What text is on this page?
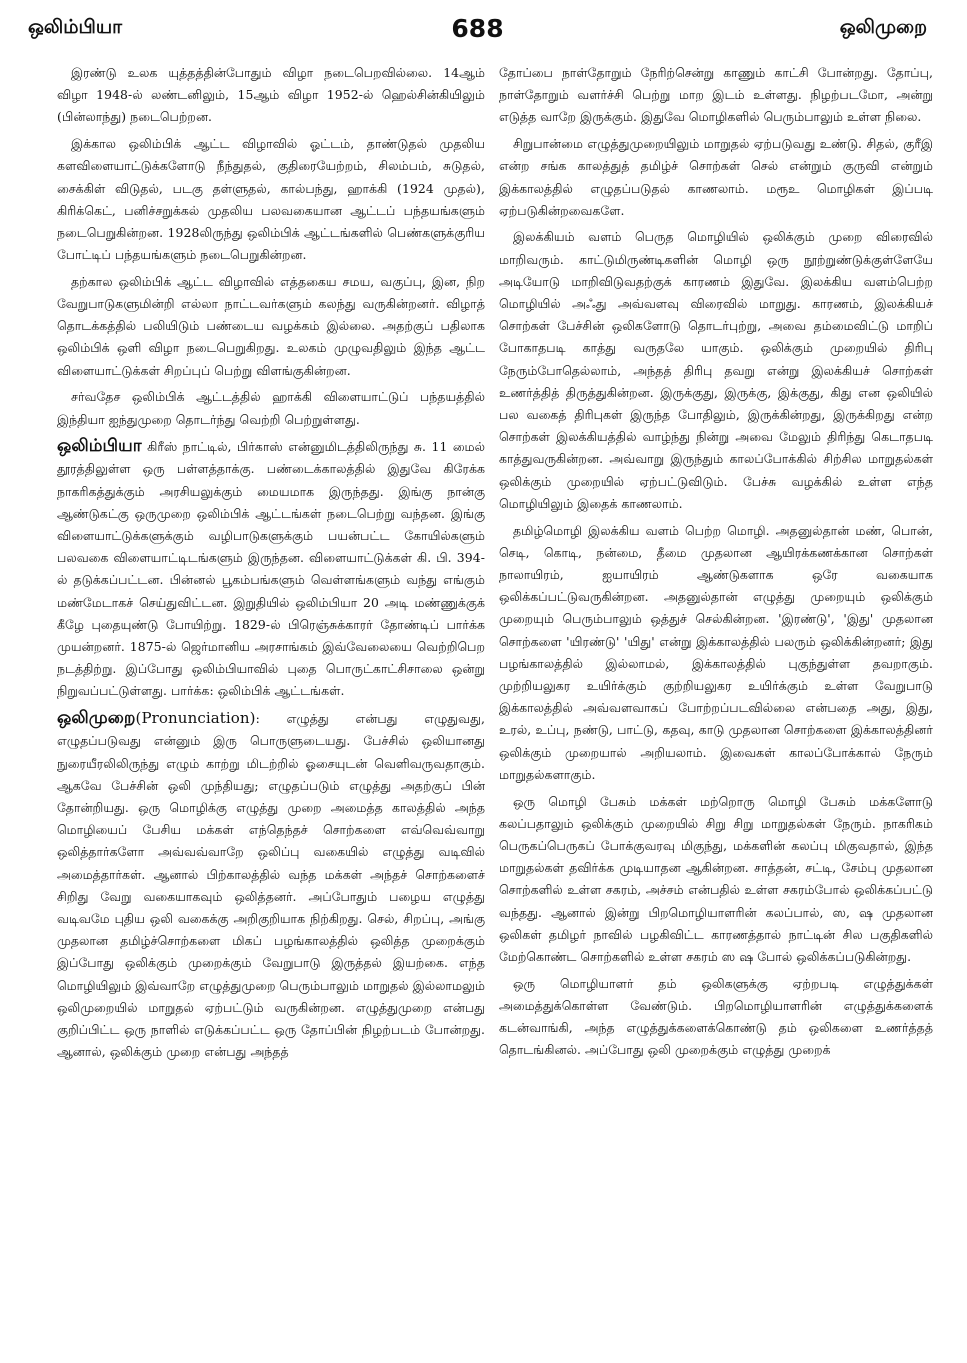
ஒலிம்பியா	688	ஒலிமுறை

இரண்டு உலக யுத்தத்தின்போதும் விழா நடைபெறவில்லை. 14ஆம் விழா 1948-ல் லண்டனிலும், 15ஆம் விழா 1952-ல் ஹெல்சின்கியிலும் (பின்லாந்து) நடைபெற்றன.

இக்கால ஒலிம்பிக் ஆட்ட விழாவில் ஓட்டம், தாண்டுதல் முதலிய களவிளையாட்டுக்களோடு நீந்துதல், குதிரையேற்றம், சிலம்பம், சுடுதல், சைக்கிள் விடுதல், படகு தள்ளுதல், கால்பந்து, ஹாக்கி (1924 முதல்), கிரிக்கெட், பனிச்சறுக்கல் முதலிய பலவகையான ஆட்டப் பந்தயங்களும் நடைபெறுகின்றன. 1928லிருந்து ஒலிம்பிக் ஆட்டங்களில் பெண்களுக்குரிய போட்டிப் பந்தயங்களும் நடைபெறுகின்றன.

தற்கால ஒலிம்பிக் ஆட்ட விழாவில் எத்தகைய சமய, வகுப்பு, இன, நிற வேறுபாடுகளுமின்றி எல்லா நாட்டவர்களும் கலந்து வருகின்றனர். விழாத் தொடக்கத்தில் பலியிடும் பண்டைய வழக்கம் இல்லை. அதற்குப் பதிலாக ஒலிம்பிக் ஒளி விழா நடைபெறுகிறது. உலகம் முழுவதிலும் இந்த ஆட்ட விளையாட்டுக்கள் சிறப்புப் பெற்று விளங்குகின்றன.

சர்வதேச ஒலிம்பிக் ஆட்டத்தில் ஹாக்கி விளையாட்டுப் பந்தயத்தில் இந்தியா ஐந்துமுறை தொடர்ந்து வெற்றி பெற்றுள்ளது.

ஒலிம்பியா கிரீஸ் நாட்டில், பிர்காஸ் என்னுமிடத்திலிருந்து சு. 11 மைல் தூரத்திலுள்ள ஒரு பள்ளத்தாக்கு. பண்டைக்காலத்தில் இதுவே கிரேக்க நாகரிகத்துக்கும் அரசியலுக்கும் மையமாக இருந்தது. இங்கு நான்கு ஆண்டுகட்கு ஒருமுறை ஒலிம்பிக் ஆட்டங்கள் நடைபெற்று வந்தன. இங்கு விளையாட்டுக்களுக்கும் வழிபாடுகளுக்கும் பயன்பட்ட கோயில்களும் பலவகை விளையாட்டிடங்களும் இருந்தன. விளையாட்டுக்கள் கி. பி. 394-ல் தடுக்கப்பட்டன. பின்னல் பூகம்பங்களும் வெள்ளங்களும் வந்து எங்கும் மண்மேடாகச் செய்துவிட்டன. இறுதியில் ஒலிம்பியா 20 அடி மண்ணுக்குக் கீழே புதையுண்டு போயிற்று. 1829-ல் பிரெஞ்சுக்காரர் தோண்டிப் பார்க்க முயன்றனர். 1875-ல் ஜெர்மானிய அரசாங்கம் இவ்வேலையை வெற்றிபெற நடத்திற்று. இப்போது ஒலிம்பியாவில் புதை பொருட்காட்சிசாலை ஒன்று நிறுவப்பட்டுள்ளது. பார்க்க: ஒலிம்பிக் ஆட்டங்கள்.

ஒலிமுறை(Pronunciation): எழுத்து என்பது எழுதுவது, எழுதப்படுவது என்னும் இரு பொருளுடையது. பேச்சில் ஒலியானது நுரையீரலிலிருந்து எழும் காற்று மிடற்றில் ஓசையுடன் வெளிவருவதாகும். ஆகவே பேச்சின் ஒலி முந்தியது; எழுதப்படும் எழுத்து அதற்குப் பின் தோன்றியது. ஒரு மொழிக்கு எழுத்து முறை அமைத்த காலத்தில் அந்த மொழியைப் பேசிய மக்கள் எந்தெந்தச் சொற்களை எவ்வெவ்வாறு ஒலித்தார்களோ அவ்வவ்வாறே ஒலிப்பு வகையில் எழுத்து வடிவில் அமைத்தார்கள். ஆனால் பிற்காலத்தில் வந்த மக்கள் அந்தச் சொற்களைச் சிறிது வேறு வகையாகவும் ஒலித்தனர். அப்போதும் பழைய எழுத்து வடிவமே புதிய ஒலி வகைக்கு அறிகுறியாக நிற்கிறது. செல், சிறப்பு, அங்கு முதலான தமிழ்ச்சொற்களை மிகப் பழங்காலத்தில் ஒலித்த முறைக்கும் இப்போது ஒலிக்கும் முறைக்கும் வேறுபாடு இருத்தல் இயற்கை. எந்த மொழியிலும் இவ்வாறே எழுத்துமுறை பெரும்பாலும் மாறுதல் இல்லாமலும் ஒலிமுறையில் மாறுதல் ஏற்பட்டும் வருகின்றன. எழுத்துமுறை என்பது குறிப்பிட்ட ஒரு நாளில் எடுக்கப்பட்ட ஒரு தோப்பின் நிழற்படம் போன்றது. ஆனால், ஒலிக்கும் முறை என்பது அந்தத்

தோப்பை நாள்தோறும் நேரிற்சென்று காணும் காட்சி போன்றது. தோப்பு, நாள்தோறும் வளர்ச்சி பெற்று மாற இடம் உள்ளது. நிழற்படமோ, அன்று எடுத்த வாறே இருக்கும். இதுவே மொழிகளில் பெரும்பாலும் உள்ள நிலை.

சிறுபான்மை எழுத்துமுறையிலும் மாறுதல் ஏற்படுவது உண்டு. சிதல், குரீஇ என்ற சங்க காலத்துத் தமிழ்ச் சொற்கள் செல் என்றும் குருவி என்றும் இக்காலத்தில் எழுதப்படுதல் காணலாம். மரூஉ மொழிகள் இப்படி ஏற்படுகின்றவைகளே.

இலக்கியம் வளம் பெருத மொழியில் ஒலிக்கும் முறை விரைவில் மாறிவரும். காட்டுமிருண்டிகளின் மொழி ஒரு நூற்றுண்டுக்குள்ளேயே அடியோடு மாறிவிடுவதற்குக் காரணம் இதுவே. இலக்கிய வளம்பெற்ற மொழியில் அஃது அவ்வளவு விரைவில் மாறுது. காரணம், இலக்கியச் சொற்கள் பேச்சின் ஒலிகளோடு தொடர்புற்று, அவை தம்மைவிட்டு மாறிப் போகாதபடி காத்து வருதலே யாகும். ஒலிக்கும் முறையில் திரிபு நேரும்போதெல்லாம், அந்தத் திரிபு தவறு என்று இலக்கியச் சொற்கள் உணர்த்தித் திருத்துகின்றன. இருக்குது, இருக்கு, இக்குது, கிது என ஒலியில் பல வகைத் திரிபுகள் இருந்த போதிலும், இருக்கின்றது, இருக்கிறது என்ற சொற்கள் இலக்கியத்தில் வாழ்ந்து நின்று அவை மேலும் திரிந்து கெடாதபடி காத்துவருகின்றன. அவ்வாறு இருந்தும் காலப்போக்கில் சிற்சில மாறுதல்கள் ஒலிக்கும் முறையில் ஏற்பட்டுவிடும். பேச்சு வழக்கில் உள்ள எந்த மொழியிலும் இதைக் காணலாம்.

தமிழ்மொழி இலக்கிய வளம் பெற்ற மொழி. அதனுல்தான் மண், பொன், செடி, கொடி, நன்மை, தீமை முதலான ஆயிரக்கணக்கான சொற்கள் நாலாயிரம், ஐயாயிரம் ஆண்டுகளாக ஒரே வகையாக ஒலிக்கப்பட்டுவருகின்றன. அதனுல்தான் எழுத்து முறையும் ஒலிக்கும் முறையும் பெரும்பாலும் ஒத்துச் செல்கின்றன. 'இரண்டு', 'இது' முதலான சொற்களை 'யிரண்டு' 'யிது' என்று இக்காலத்தில் பலரும் ஒலிக்கின்றனர்; இது பழங்காலத்தில் இல்லாமல், இக்காலத்தில் புகுந்துள்ள தவறாகும். முற்றியலுகர உயிர்க்கும் குற்றியலுகர உயிர்க்கும் உள்ள வேறுபாடு இக்காலத்தில் அவ்வளவாகப் போற்றப்படவில்லை என்பதை அது, இது, உரல், உப்பு, நண்டு, பாட்டு, கதவு, காடு முதலான சொற்களை இக்காலத்தினர் ஒலிக்கும் முறையால் அறியலாம். இவைகள் காலப்போக்கால் நேரும் மாறுதல்களாகும்.

ஒரு மொழி பேசும் மக்கள் மற்றொரு மொழி பேசும் மக்களோடு கலப்பதாலும் ஒலிக்கும் முறையில் சிறு சிறு மாறுதல்கள் நேரும். நாகரிகம் பெருகப்பெருகப் போக்குவரவு மிகுந்து, மக்களின் கலப்பு மிகுவதால், இந்த மாறுதல்கள் தவிர்க்க முடியாதன ஆகின்றன. சாத்தன், சட்டி, சேம்பு முதலான சொற்களில் உள்ள சகரம், அச்சம் என்பதில் உள்ள சகரம்போல் ஒலிக்கப்பட்டு வந்தது. ஆனால் இன்று பிறமொழியாளரின் கலப்பால், ஸ, ஷ முதலான ஒலிகள் தமிழர் நாவில் பழகிவிட்ட காரணத்தால் நாட்டின் சில பகுதிகளில் மேற்கொண்ட சொற்களில் உள்ள சகரம் ஸ ஷ போல் ஒலிக்கப்படுகின்றது.

ஒரு மொழியாளர் தம் ஒலிகளுக்கு ஏற்றபடி எழுத்துக்கள் அமைத்துக்கொள்ள வேண்டும். பிறமொழியாளரின் எழுத்துக்களைக் கடன்வாங்கி, அந்த எழுத்துக்களைக்கொண்டு தம் ஒலிகளை உணர்த்தத் தொடங்கினல். அப்போது ஒலி முறைக்கும் எழுத்து முறைக்
